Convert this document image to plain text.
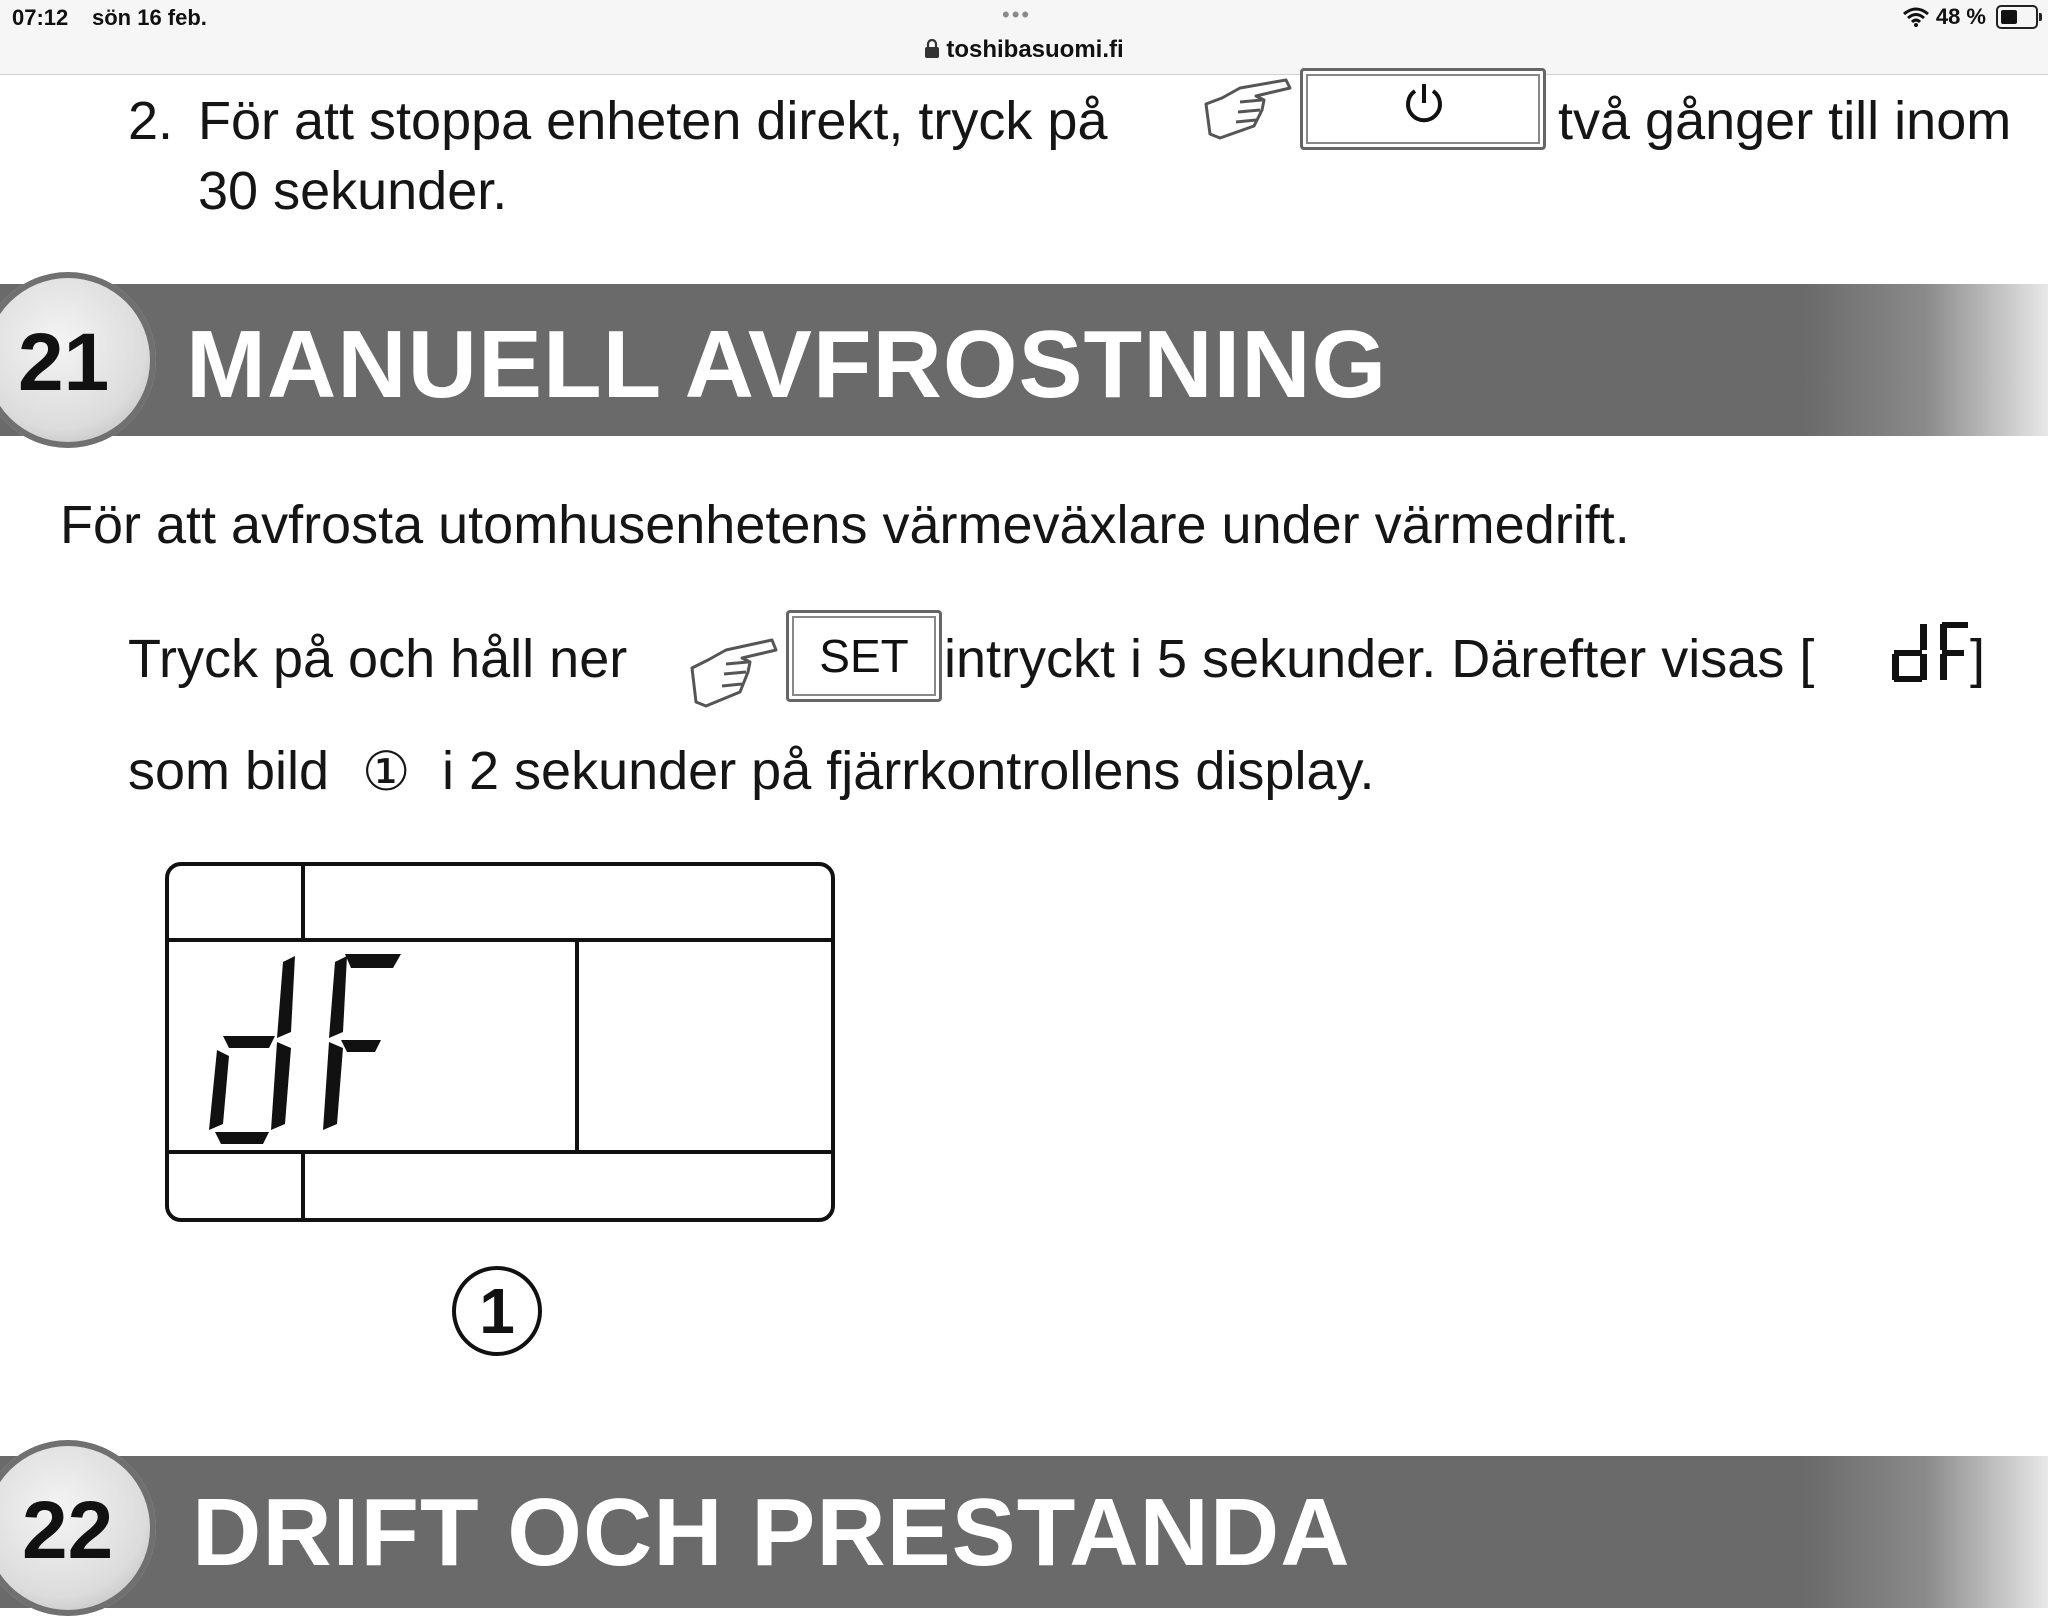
07:12 sön 16 feb.	•••
toshibasuomi.fi
48 %
2. För att stoppa enheten direkt, tryck på	två gånger till inom
30 sekunder.
21 MANUELL AVFROSTNING
För att avfrosta utomhusenhetens värmeväxlare under värmedrift.
Tryck på och håll ner	SET intryckt i 5 sekunder. Därefter visas [	]
som bild ① i 2 sekunder på fjärrkontrollens display.
1
22 DRIFT OCH PRESTANDA
